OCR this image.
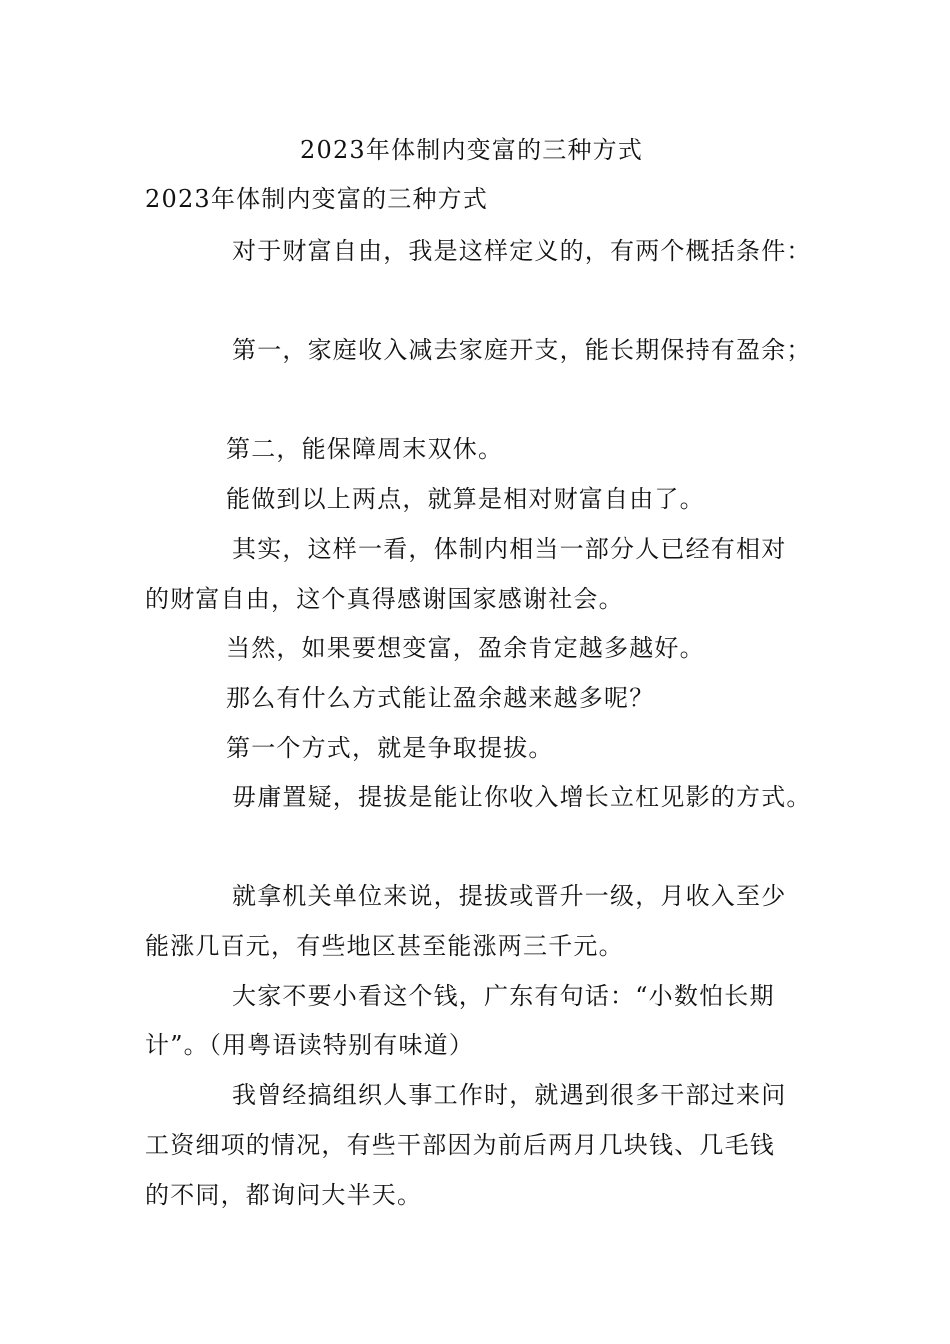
2023年体制内变富的三种方式
2023年体制内变富的三种方式
对于财富自由，我是这样定义的，有两个概括条件：
第一，家庭收入减去家庭开支，能长期保持有盈余；
第二，能保障周末双休。
能做到以上两点，就算是相对财富自由了。
其实，这样一看，体制内相当一部分人已经有相对
的财富自由，这个真得感谢国家感谢社会。
当然，如果要想变富，盈余肯定越多越好。
那么有什么方式能让盈余越来越多呢？
第一个方式，就是争取提拔。
毋庸置疑，提拔是能让你收入增长立杠见影的方式。
就拿机关单位来说，提拔或晋升一级，月收入至少
能涨几百元，有些地区甚至能涨两三千元。
大家不要小看这个钱，广东有句话：“小数怕长期
计”。（用粤语读特别有味道）
我曾经搞组织人事工作时，就遇到很多干部过来问
工资细项的情况，有些干部因为前后两月几块钱、几毛钱
的不同，都询问大半天。
